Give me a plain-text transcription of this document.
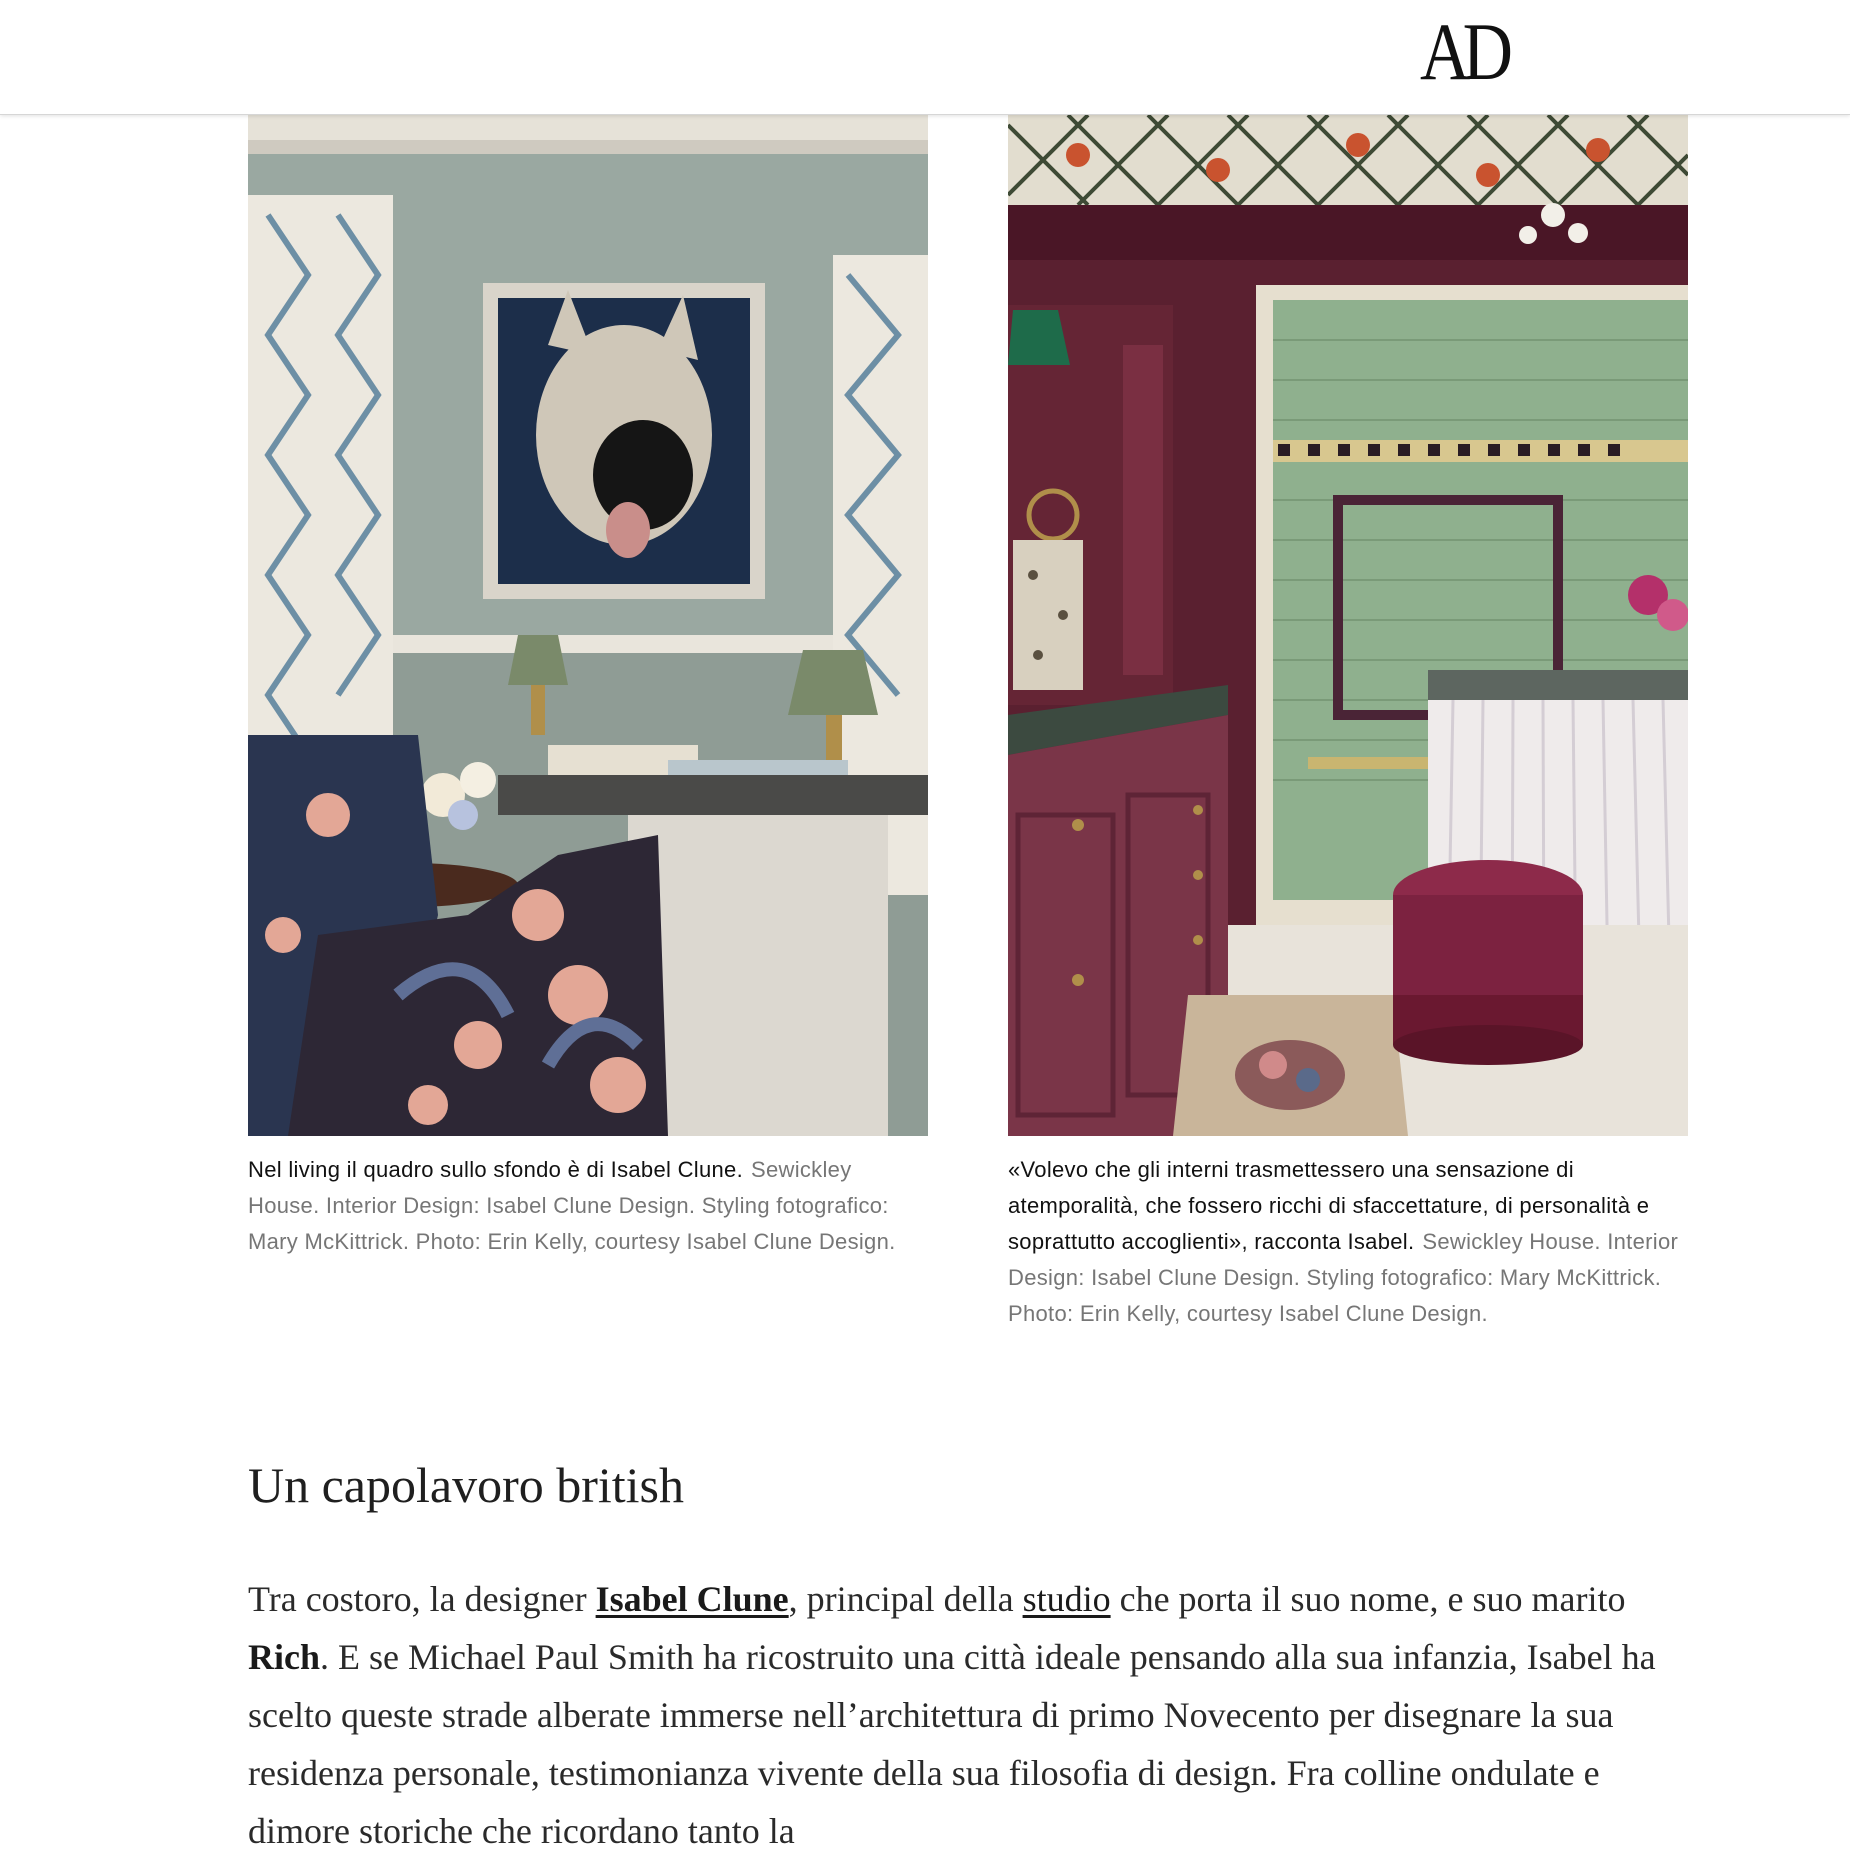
AD

Nel living il quadro sullo sfondo è di Isabel Clune. Sewickley House. Interior Design: Isabel Clune Design. Styling fotografico: Mary McKittrick. Photo: Erin Kelly, courtesy Isabel Clune Design.

«Volevo che gli interni trasmettessero una sensazione di atemporalità, che fossero ricchi di sfaccettature, di personalità e soprattutto accoglienti», racconta Isabel. Sewickley House. Interior Design: Isabel Clune Design. Styling fotografico: Mary McKittrick. Photo: Erin Kelly, courtesy Isabel Clune Design.

Un capolavoro british

Tra costoro, la designer Isabel Clune, principal della studio che porta il suo nome, e suo marito Rich. E se Michael Paul Smith ha ricostruito una città ideale pensando alla sua infanzia, Isabel ha scelto queste strade alberate immerse nell’architettura di primo Novecento per disegnare la sua residenza personale, testimonianza vivente della sua filosofia di design. Fra colline ondulate e dimore storiche che ricordano tanto la
